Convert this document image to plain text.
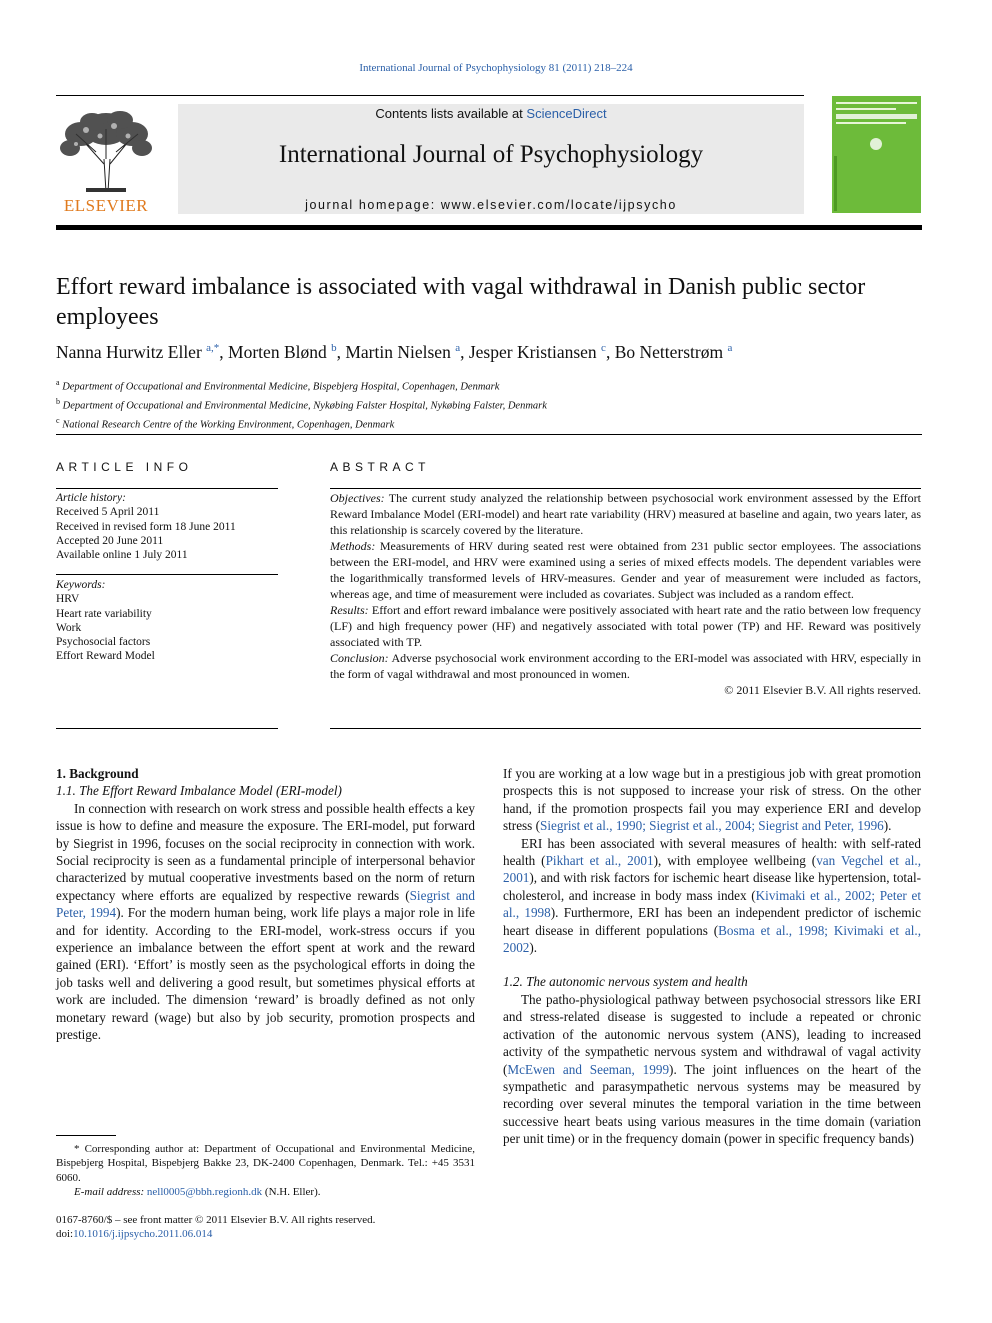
International Journal of Psychophysiology 81 (2011) 218–224
ELSEVIER
Contents lists available at ScienceDirect
International Journal of Psychophysiology
journal homepage: www.elsevier.com/locate/ijpsycho
Effort reward imbalance is associated with vagal withdrawal in Danish public sector employees
Nanna Hurwitz Eller $^{a,*}$, Morten Blønd $^b$, Martin Nielsen $^a$, Jesper Kristiansen $^c$, Bo Netterstrøm $^a$
$^a$ Department of Occupational and Environmental Medicine, Bispebjerg Hospital, Copenhagen, Denmark
$^b$ Department of Occupational and Environmental Medicine, Nykøbing Falster Hospital, Nykøbing Falster, Denmark
$^c$ National Research Centre of the Working Environment, Copenhagen, Denmark
ARTICLE INFO
Article history:
Received 5 April 2011
Received in revised form 18 June 2011
Accepted 20 June 2011
Available online 1 July 2011
Keywords:
HRV
Heart rate variability
Work
Psychosocial factors
Effort Reward Model
ABSTRACT

Objectives: The current study analyzed the relationship between psychosocial work environment assessed by the Effort Reward Imbalance Model (ERI-model) and heart rate variability (HRV) measured at baseline and again, two years later, as this relationship is scarcely covered by the literature.

Methods: Measurements of HRV during seated rest were obtained from 231 public sector employees. The associations between the ERI-model, and HRV were examined using a series of mixed effects models. The dependent variables were the logarithmically transformed levels of HRV-measures. Gender and year of measurement were included as factors, whereas age, and time of measurement were included as covariates. Subject was included as a random effect.

Results: Effort and effort reward imbalance were positively associated with heart rate and the ratio between low frequency (LF) and high frequency power (HF) and negatively associated with total power (TP) and HF. Reward was positively associated with TP.

Conclusion: Adverse psychosocial work environment according to the ERI-model was associated with HRV, especially in the form of vagal withdrawal and most pronounced in women.

© 2011 Elsevier B.V. All rights reserved.

1. Background

1.1. The Effort Reward Imbalance Model (ERI-model)

In connection with research on work stress and possible health effects a key issue is how to define and measure the exposure. The ERI-model, put forward by Siegrist in 1996, focuses on the social reciprocity in connection with work. Social reciprocity is seen as a fundamental principle of interpersonal behavior characterized by mutual cooperative investments based on the norm of return expectancy where efforts are equalized by respective rewards (Siegrist and Peter, 1994). For the modern human being, work life plays a major role in life and for identity. According to the ERI-model, work-stress occurs if you experience an imbalance between the effort spent at work and the reward gained (ERI). ‘Effort’ is mostly seen as the psychological efforts in doing the job tasks well and delivering a good result, but sometimes physical efforts at work are included. The dimension ‘reward’ is broadly defined as not only monetary reward (wage) but also by job security, promotion prospects and prestige.

* Corresponding author at: Department of Occupational and Environmental Medicine, Bispebjerg Hospital, Bispebjerg Bakke 23, DK-2400 Copenhagen, Denmark. Tel.: +45 3531 6060.

E-mail address: nell0005@bbh.regionh.dk (N.H. Eller).

0167-8760/$ – see front matter © 2011 Elsevier B.V. All rights reserved.

doi:10.1016/j.ijpsycho.2011.06.014

If you are working at a low wage but in a prestigious job with great promotion prospects this is not supposed to increase your risk of stress. On the other hand, if the promotion prospects fail you may experience ERI and develop stress (Siegrist et al., 1990; Siegrist et al., 2004; Siegrist and Peter, 1996).

ERI has been associated with several measures of health: with self-rated health (Pikhart et al., 2001), with employee wellbeing (van Vegchel et al., 2001), and with risk factors for ischemic heart disease like hypertension, total-cholesterol, and increase in body mass index (Kivimaki et al., 2002; Peter et al., 1998). Furthermore, ERI has been an independent predictor of ischemic heart disease in different populations (Bosma et al., 1998; Kivimaki et al., 2002).

1.2. The autonomic nervous system and health

The patho-physiological pathway between psychosocial stressors like ERI and stress-related disease is suggested to include a repeated or chronic activation of the autonomic nervous system (ANS), leading to increased activity of the sympathetic nervous system and withdrawal of vagal activity (McEwen and Seeman, 1999). The joint influences on the heart of the sympathetic and parasympathetic nervous systems may be measured by recording over several minutes the temporal variation in the time between successive heart beats using various measures in the time domain (variation per unit time) or in the frequency domain (power in specific frequency bands)
